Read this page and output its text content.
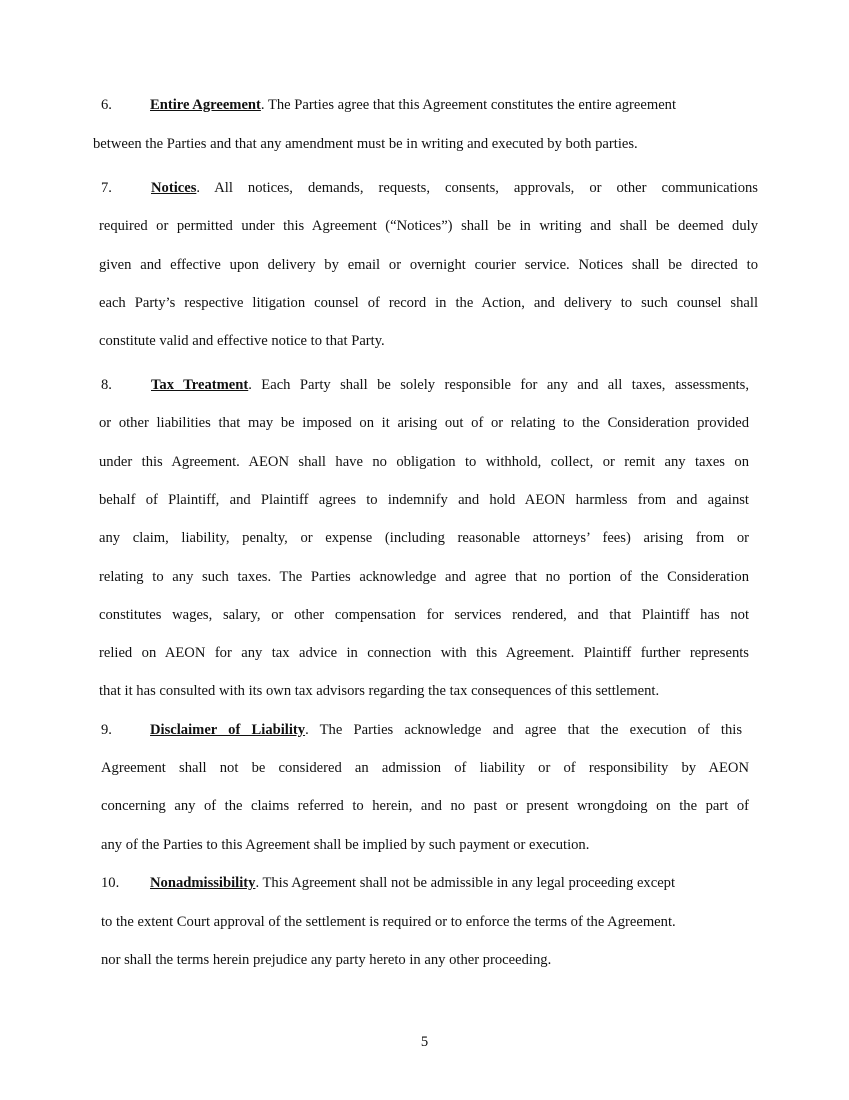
6.	Entire Agreement. The Parties agree that this Agreement constitutes the entire agreement
between the Parties and that any amendment must be in writing and executed by both parties.
7.	Notices. All notices, demands, requests, consents, approvals, or other communications
required or permitted under this Agreement (“Notices”) shall be in writing and shall be deemed duly
given and effective upon delivery by email or overnight courier service. Notices shall be directed to
each Party’s respective litigation counsel of record in the Action, and delivery to such counsel shall
constitute valid and effective notice to that Party.
8.	Tax Treatment. Each Party shall be solely responsible for any and all taxes, assessments,
or other liabilities that may be imposed on it arising out of or relating to the Consideration provided
under this Agreement. AEON shall have no obligation to withhold, collect, or remit any taxes on
behalf of Plaintiff, and Plaintiff agrees to indemnify and hold AEON harmless from and against
any claim, liability, penalty, or expense (including reasonable attorneys’ fees) arising from or
relating to any such taxes. The Parties acknowledge and agree that no portion of the Consideration
constitutes wages, salary, or other compensation for services rendered, and that Plaintiff has not
relied on AEON for any tax advice in connection with this Agreement. Plaintiff further represents
that it has consulted with its own tax advisors regarding the tax consequences of this settlement.
9.	Disclaimer of Liability. The Parties acknowledge and agree that the execution of this
Agreement shall not be considered an admission of liability or of responsibility by AEON
concerning any of the claims referred to herein, and no past or present wrongdoing on the part of
any of the Parties to this Agreement shall be implied by such payment or execution.
10. Nonadmissibility. This Agreement shall not be admissible in any legal proceeding except
to the extent Court approval of the settlement is required or to enforce the terms of the Agreement.
nor shall the terms herein prejudice any party hereto in any other proceeding.
5
